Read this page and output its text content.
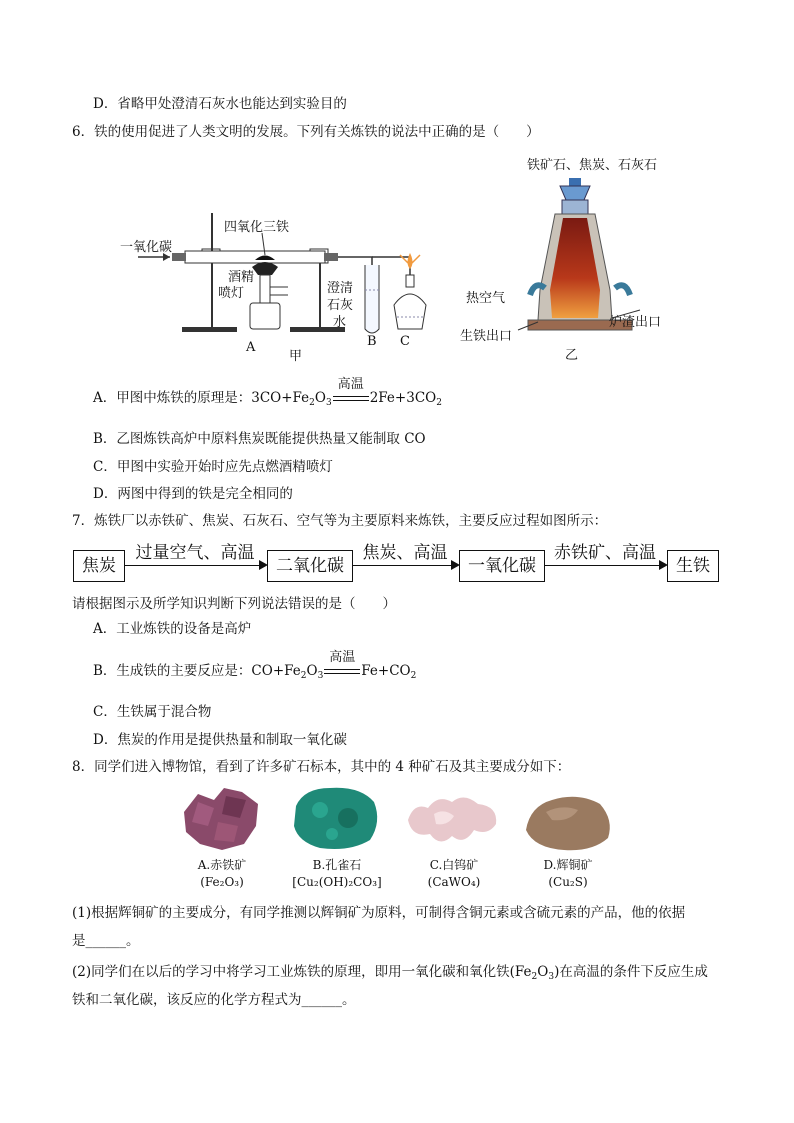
D．省略甲处澄清石灰水也能达到实验目的
6．铁的使用促进了人类文明的发展。下列有关炼铁的说法中正确的是（　　）
一氧化碳
四氧化三铁
酒精
喷灯	澄清
石灰
水
A	B C
甲
铁矿石、焦炭、石灰石
热空气
炉渣出口
生铁出口
乙
A．甲图中炼铁的原理是：$3CO+Fe_2O_3$
高温
$2Fe+3CO_2$
B．乙图炼铁高炉中原料焦炭既能提供热量又能制取 CO
C．甲图中实验开始时应先点燃酒精喷灯
D．两图中得到的铁是完全相同的
7．炼铁厂以赤铁矿、焦炭、石灰石、空气等为主要原料来炼铁，主要反应过程如图所示：
焦炭
过量空气、高温
二氧化碳
焦炭、高温
一氧化碳
赤铁矿、高温
生铁
请根据图示及所学知识判断下列说法错误的是（　　）
A．工业炼铁的设备是高炉
B．生成铁的主要反应是：$CO+Fe_2O_3$
高温
$Fe+CO_2$
C．生铁属于混合物
D．焦炭的作用是提供热量和制取一氧化碳
8．同学们进入博物馆，看到了许多矿石标本，其中的 4 种矿石及其主要成分如下：
A.赤铁矿
(Fe₂O₃)
B.孔雀石
[Cu₂(OH)₂CO₃]
C.白钨矿
(CaWO₄)
D.辉铜矿
(Cu₂S)
(1)根据辉铜矿的主要成分，有同学推测以辉铜矿为原料，可制得含铜元素或含硫元素的产品，他的依据
是______。
(2)同学们在以后的学习中将学习工业炼铁的原理，即用一氧化碳和氧化铁$(Fe_2O_3)$在高温的条件下反应生成
铁和二氧化碳，该反应的化学方程式为______。
